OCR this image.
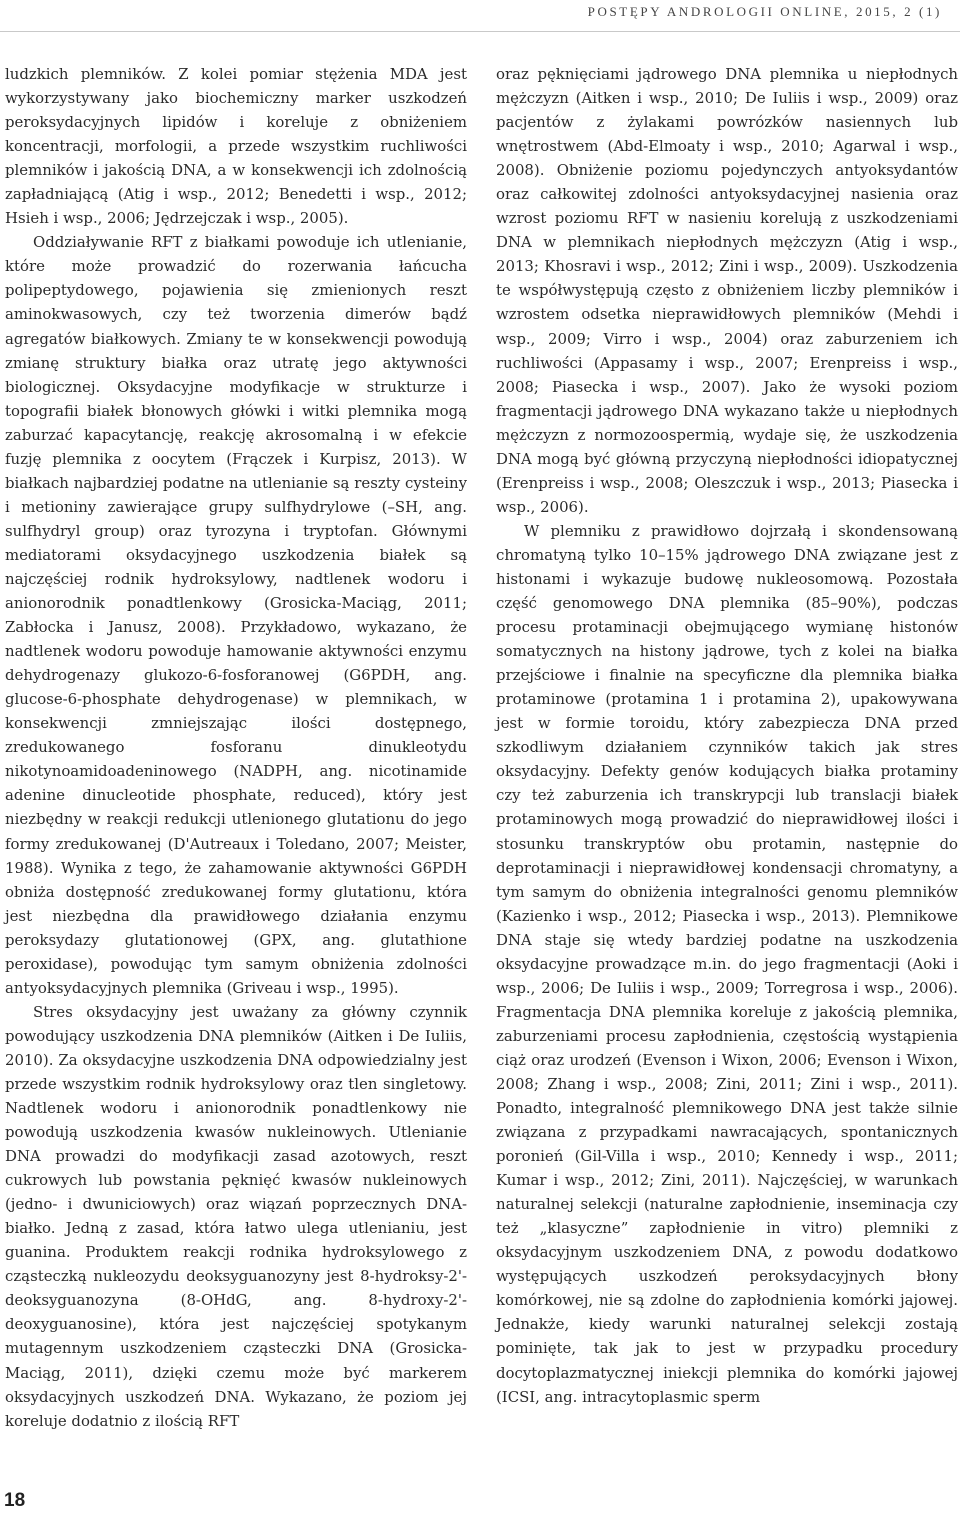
POSTĘPY ANDROLOGII ONLINE, 2015, 2 (1)

ludzkich plemników. Z kolei pomiar stężenia MDA jest wykorzystywany jako biochemiczny marker uszkodzeń peroksydacyjnych lipidów i koreluje z obniżeniem koncentracji, morfologii, a przede wszystkim ruchliwości plemników i jakością DNA, a w konsekwencji ich zdolnością zapładniającą (Atig i wsp., 2012; Benedetti i wsp., 2012; Hsieh i wsp., 2006; Jędrzejczak i wsp., 2005).

Oddziaływanie RFT z białkami powoduje ich utlenianie, które może prowadzić do rozerwania łańcucha polipeptydowego, pojawienia się zmienionych reszt aminokwasowych, czy też tworzenia dimerów bądź agregatów białkowych. Zmiany te w konsekwencji powodują zmianę struktury białka oraz utratę jego aktywności biologicznej. Oksydacyjne modyfikacje w strukturze i topografii białek błonowych główki i witki plemnika mogą zaburzać kapacytancję, reakcję akrosomalną i w efekcie fuzję plemnika z oocytem (Frączek i Kurpisz, 2013). W białkach najbardziej podatne na utlenianie są reszty cysteiny i metioniny zawierające grupy sulfhydrylowe (–SH, ang. sulfhydryl group) oraz tyrozyna i tryptofan. Głównymi mediatorami oksydacyjnego uszkodzenia białek są najczęściej rodnik hydroksylowy, nadtlenek wodoru i anionorodnik ponadtlenkowy (Grosicka-Maciąg, 2011; Zabłocka i Janusz, 2008). Przykładowo, wykazano, że nadtlenek wodoru powoduje hamowanie aktywności enzymu dehydrogenazy glukozo-6-fosforanowej (G6PDH, ang. glucose-6-phosphate dehydrogenase) w plemnikach, w konsekwencji zmniejszając ilości dostępnego, zredukowanego fosforanu dinukleotydu nikotynoamidoadeninowego (NADPH, ang. nicotinamide adenine dinucleotide phosphate, reduced), który jest niezbędny w reakcji redukcji utlenionego glutationu do jego formy zredukowanej (D'Autreaux i Toledano, 2007; Meister, 1988). Wynika z tego, że zahamowanie aktywności G6PDH obniża dostępność zredukowanej formy glutationu, która jest niezbędna dla prawidłowego działania enzymu peroksydazy glutationowej (GPX, ang. glutathione peroxidase), powodując tym samym obniżenia zdolności antyoksydacyjnych plemnika (Griveau i wsp., 1995).

Stres oksydacyjny jest uważany za główny czynnik powodujący uszkodzenia DNA plemników (Aitken i De Iuliis, 2010). Za oksydacyjne uszkodzenia DNA odpowiedzialny jest przede wszystkim rodnik hydroksylowy oraz tlen singletowy. Nadtlenek wodoru i anionorodnik ponadtlenkowy nie powodują uszkodzenia kwasów nukleinowych. Utlenianie DNA prowadzi do modyfikacji zasad azotowych, reszt cukrowych lub powstania pęknięć kwasów nukleinowych (jedno- i dwuniciowych) oraz wiązań poprzecznych DNA-białko. Jedną z zasad, która łatwo ulega utlenianiu, jest guanina. Produktem reakcji rodnika hydroksylowego z cząsteczką nukleozydu deoksyguanozyny jest 8-hydroksy-2'-deoksyguanozyna (8-OHdG, ang. 8-hydroxy-2'-deoxyguanosine), która jest najczęściej spotykanym mutagennym uszkodzeniem cząsteczki DNA (Grosicka-Maciąg, 2011), dzięki czemu może być markerem oksydacyjnych uszkodzeń DNA. Wykazano, że poziom jej koreluje dodatnio z ilością RFT

oraz pęknięciami jądrowego DNA plemnika u niepłodnych mężczyzn (Aitken i wsp., 2010; De Iuliis i wsp., 2009) oraz pacjentów z żylakami powrózków nasiennych lub wnętrostwem (Abd-Elmoaty i wsp., 2010; Agarwal i wsp., 2008). Obniżenie poziomu pojedynczych antyoksydantów oraz całkowitej zdolności antyoksydacyjnej nasienia oraz wzrost poziomu RFT w nasieniu korelują z uszkodzeniami DNA w plemnikach niepłodnych mężczyzn (Atig i wsp., 2013; Khosravi i wsp., 2012; Zini i wsp., 2009). Uszkodzenia te współwystępują często z obniżeniem liczby plemników i wzrostem odsetka nieprawidłowych plemników (Mehdi i wsp., 2009; Virro i wsp., 2004) oraz zaburzeniem ich ruchliwości (Appasamy i wsp., 2007; Erenpreiss i wsp., 2008; Piasecka i wsp., 2007). Jako że wysoki poziom fragmentacji jądrowego DNA wykazano także u niepłodnych mężczyzn z normozoospermią, wydaje się, że uszkodzenia DNA mogą być główną przyczyną niepłodności idiopatycznej (Erenpreiss i wsp., 2008; Oleszczuk i wsp., 2013; Piasecka i wsp., 2006).

W plemniku z prawidłowo dojrzałą i skondensowaną chromatyną tylko 10–15% jądrowego DNA związane jest z histonami i wykazuje budowę nukleosomową. Pozostała część genomowego DNA plemnika (85–90%), podczas procesu protaminacji obejmującego wymianę histonów somatycznych na histony jądrowe, tych z kolei na białka przejściowe i finalnie na specyficzne dla plemnika białka protaminowe (protamina 1 i protamina 2), upakowywana jest w formie toroidu, który zabezpiecza DNA przed szkodliwym działaniem czynników takich jak stres oksydacyjny. Defekty genów kodujących białka protaminy czy też zaburzenia ich transkrypcji lub translacji białek protaminowych mogą prowadzić do nieprawidłowej ilości i stosunku transkryptów obu protamin, następnie do deprotaminacji i nieprawidłowej kondensacji chromatyny, a tym samym do obniżenia integralności genomu plemników (Kazienko i wsp., 2012; Piasecka i wsp., 2013). Plemnikowe DNA staje się wtedy bardziej podatne na uszkodzenia oksydacyjne prowadzące m.in. do jego fragmentacji (Aoki i wsp., 2006; De Iuliis i wsp., 2009; Torregrosa i wsp., 2006). Fragmentacja DNA plemnika koreluje z jakością plemnika, zaburzeniami procesu zapłodnienia, częstością wystąpienia ciąż oraz urodzeń (Evenson i Wixon, 2006; Evenson i Wixon, 2008; Zhang i wsp., 2008; Zini, 2011; Zini i wsp., 2011). Ponadto, integralność plemnikowego DNA jest także silnie związana z przypadkami nawracających, spontanicznych poronień (Gil-Villa i wsp., 2010; Kennedy i wsp., 2011; Kumar i wsp., 2012; Zini, 2011). Najczęściej, w warunkach naturalnej selekcji (naturalne zapłodnienie, inseminacja czy też „klasyczne” zapłodnienie in vitro) plemniki z oksydacyjnym uszkodzeniem DNA, z powodu dodatkowo występujących uszkodzeń peroksydacyjnych błony komórkowej, nie są zdolne do zapłodnienia komórki jajowej. Jednakże, kiedy warunki naturalnej selekcji zostają pominięte, tak jak to jest w przypadku procedury docytoplazmatycznej iniekcji plemnika do komórki jajowej (ICSI, ang. intracytoplasmic sperm

18
